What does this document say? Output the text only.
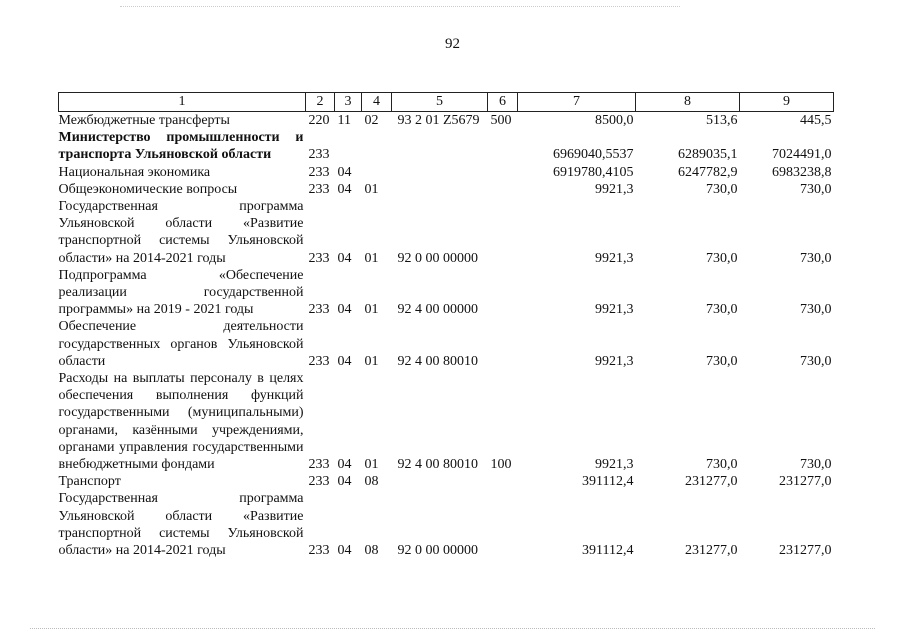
92
1	2	3	4	5	6	7	8	9
Межбюджетные трансферты	220	11	02	93 2 01 Z5679	500	8500,0	513,6	445,5
Министерство промышленности и транспорта Ульяновской области	233					6969040,5537	6289035,1	7024491,0
Национальная экономика	233	04				6919780,4105	6247782,9	6983238,8
Общеэкономические вопросы	233	04	01			9921,3	730,0	730,0
Государственная программа Ульяновской области «Развитие транспортной системы Ульяновской области» на 2014-2021 годы	233	04	01	92 0 00 00000		9921,3	730,0	730,0
Подпрограмма «Обеспечение реализации государственной программы» на 2019 - 2021 годы	233	04	01	92 4 00 00000		9921,3	730,0	730,0
Обеспечение деятельности государственных органов Ульяновской области	233	04	01	92 4 00 80010		9921,3	730,0	730,0
Расходы на выплаты персоналу в целях обеспечения выполнения функций государственными (муниципальными) органами, казёнными учреждениями, органами управления государственными внебюджетными фондами	233	04	01	92 4 00 80010	100	9921,3	730,0	730,0
Транспорт	233	04	08			391112,4	231277,0	231277,0
Государственная программа Ульяновской области «Развитие транспортной системы Ульяновской области» на 2014-2021 годы	233	04	08	92 0 00 00000		391112,4	231277,0	231277,0
